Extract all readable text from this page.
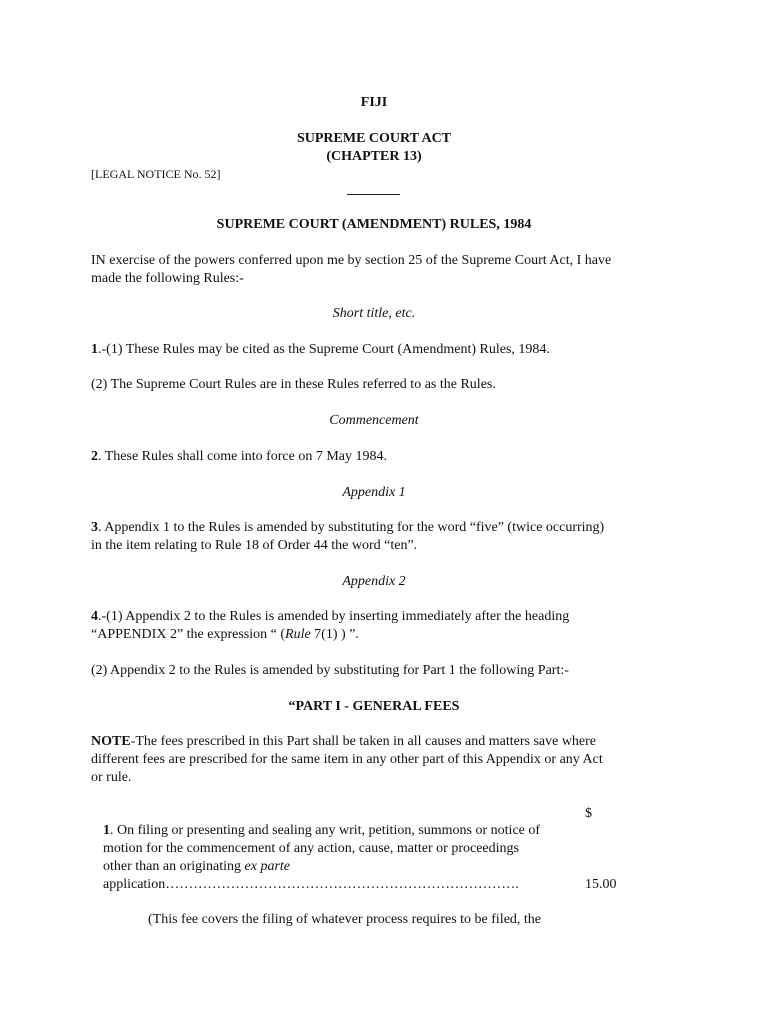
FIJI
SUPREME COURT ACT
(CHAPTER 13)
[LEGAL NOTICE No. 52]
SUPREME COURT (AMENDMENT) RULES, 1984
IN exercise of the powers conferred upon me by section 25 of the Supreme Court Act, I have
made the following Rules:-
Short title, etc.
1.-(1) These Rules may be cited as the Supreme Court (Amendment) Rules, 1984.
(2) The Supreme Court Rules are in these Rules referred to as the Rules.
Commencement
2. These Rules shall come into force on 7 May 1984.
Appendix 1
3. Appendix 1 to the Rules is amended by substituting for the word “five” (twice occurring)
in the item relating to Rule 18 of Order 44 the word “ten”.
Appendix 2
4.-(1) Appendix 2 to the Rules is amended by inserting immediately after the heading
“APPENDIX 2” the expression “ (Rule 7(1) ) ”.
(2) Appendix 2 to the Rules is amended by substituting for Part 1 the following Part:-
“PART I - GENERAL FEES
NOTE-The fees prescribed in this Part shall be taken in all causes and matters save where
different fees are prescribed for the same item in any other part of this Appendix or any Act
or rule.
$
1. On filing or presenting and sealing any writ, petition, summons or notice of
motion for the commencement of any action, cause, matter or proceedings
other than an originating ex parte
application………………………………………………………………….	15.00
(This fee covers the filing of whatever process requires to be filed, the
